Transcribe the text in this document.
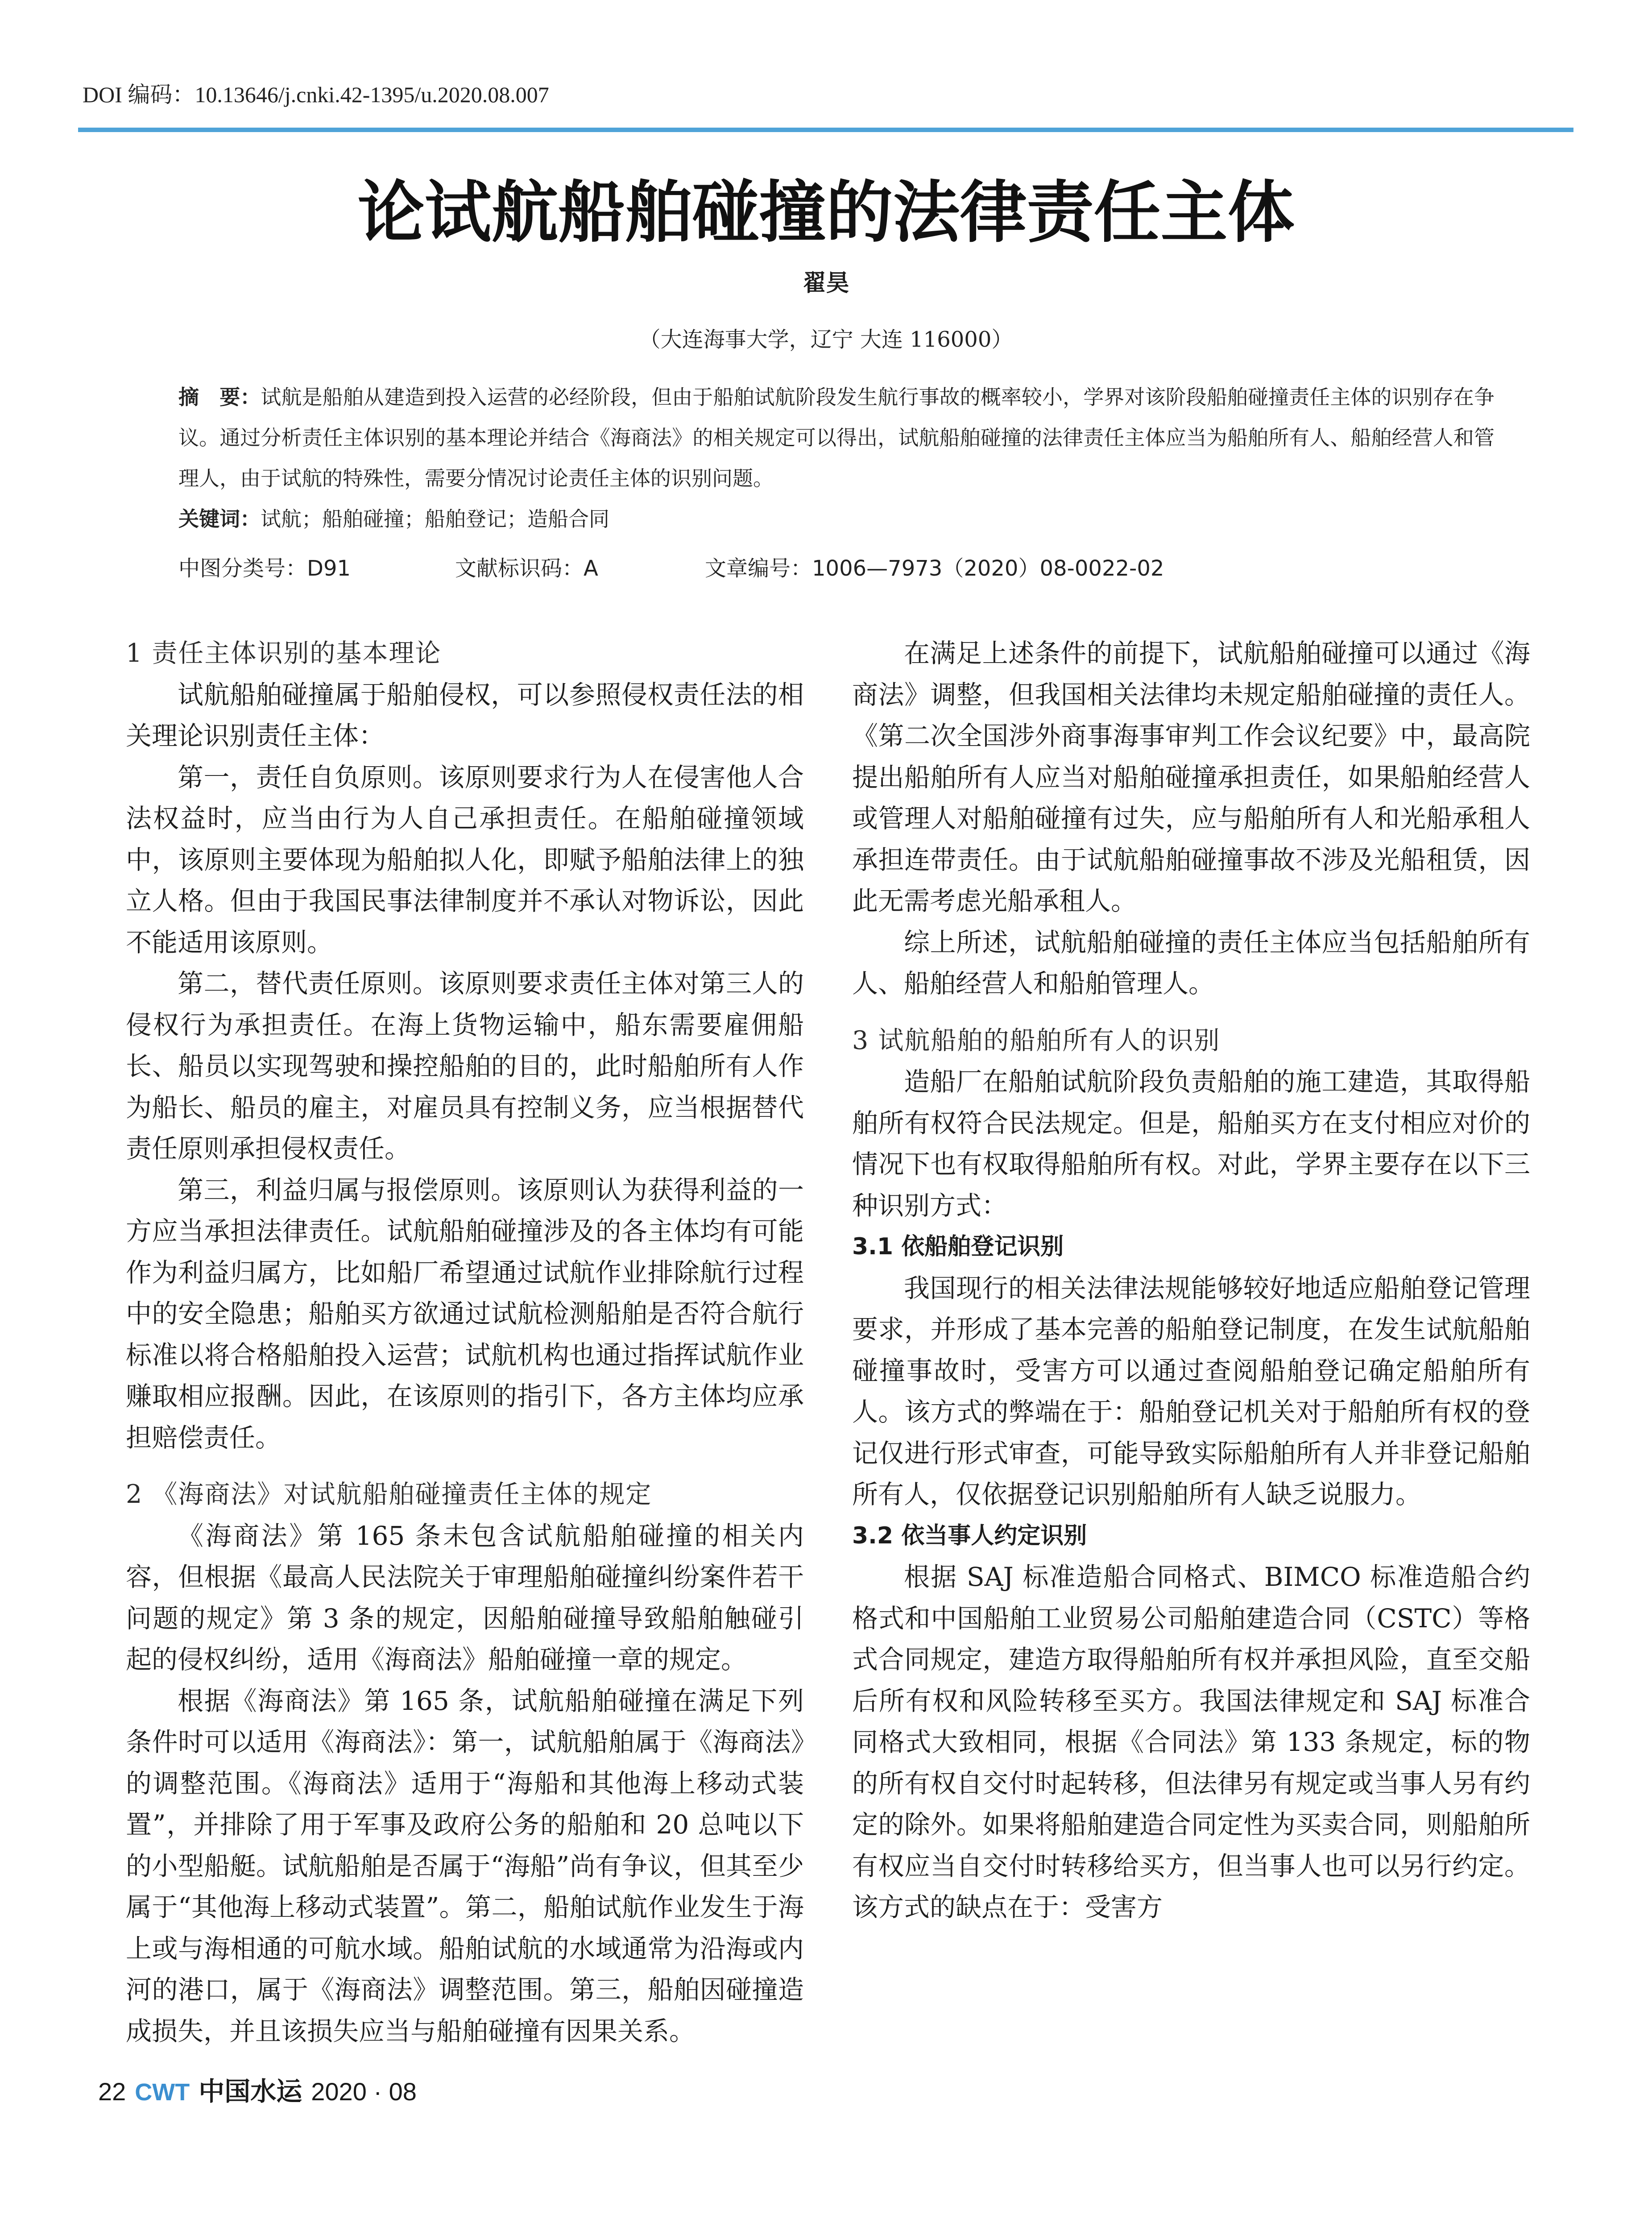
DOI 编码：10.13646/j.cnki.42-1395/u.2020.08.007
论试航船舶碰撞的法律责任主体
翟昊
（大连海事大学，辽宁 大连 116000）

摘　要：试航是船舶从建造到投入运营的必经阶段，但由于船舶试航阶段发生航行事故的概率较小，学界对该阶段船舶碰撞责任主体的识别存在争议。通过分析责任主体识别的基本理论并结合《海商法》的相关规定可以得出，试航船舶碰撞的法律责任主体应当为船舶所有人、船舶经营人和管理人，由于试航的特殊性，需要分情况讨论责任主体的识别问题。

关键词：试航；船舶碰撞；船舶登记；造船合同

中图分类号：D91	文献标识码：A	文章编号：1006—7973（2020）08-0022-02
1 责任主体识别的基本理论

试航船舶碰撞属于船舶侵权，可以参照侵权责任法的相关理论识别责任主体：

第一，责任自负原则。该原则要求行为人在侵害他人合法权益时，应当由行为人自己承担责任。在船舶碰撞领域中，该原则主要体现为船舶拟人化，即赋予船舶法律上的独立人格。但由于我国民事法律制度并不承认对物诉讼，因此不能适用该原则。

第二，替代责任原则。该原则要求责任主体对第三人的侵权行为承担责任。在海上货物运输中，船东需要雇佣船长、船员以实现驾驶和操控船舶的目的，此时船舶所有人作为船长、船员的雇主，对雇员具有控制义务，应当根据替代责任原则承担侵权责任。

第三，利益归属与报偿原则。该原则认为获得利益的一方应当承担法律责任。试航船舶碰撞涉及的各主体均有可能作为利益归属方，比如船厂希望通过试航作业排除航行过程中的安全隐患；船舶买方欲通过试航检测船舶是否符合航行标准以将合格船舶投入运营；试航机构也通过指挥试航作业赚取相应报酬。因此，在该原则的指引下，各方主体均应承担赔偿责任。

2 《海商法》对试航船舶碰撞责任主体的规定

《海商法》第 165 条未包含试航船舶碰撞的相关内容，但根据《最高人民法院关于审理船舶碰撞纠纷案件若干问题的规定》第 3 条的规定，因船舶碰撞导致船舶触碰引起的侵权纠纷，适用《海商法》船舶碰撞一章的规定。

根据《海商法》第 165 条，试航船舶碰撞在满足下列条件时可以适用《海商法》：第一，试航船舶属于《海商法》的调整范围。《海商法》适用于“海船和其他海上移动式装置”，并排除了用于军事及政府公务的船舶和 20 总吨以下的小型船艇。试航船舶是否属于“海船”尚有争议，但其至少属于“其他海上移动式装置”。第二，船舶试航作业发生于海上或与海相通的可航水域。船舶试航的水域通常为沿海或内河的港口，属于《海商法》调整范围。第三，船舶因碰撞造成损失，并且该损失应当与船舶碰撞有因果关系。

在满足上述条件的前提下，试航船舶碰撞可以通过《海商法》调整，但我国相关法律均未规定船舶碰撞的责任人。《第二次全国涉外商事海事审判工作会议纪要》中，最高院提出船舶所有人应当对船舶碰撞承担责任，如果船舶经营人或管理人对船舶碰撞有过失，应与船舶所有人和光船承租人承担连带责任。由于试航船舶碰撞事故不涉及光船租赁，因此无需考虑光船承租人。

综上所述，试航船舶碰撞的责任主体应当包括船舶所有人、船舶经营人和船舶管理人。

3 试航船舶的船舶所有人的识别

造船厂在船舶试航阶段负责船舶的施工建造，其取得船舶所有权符合民法规定。但是，船舶买方在支付相应对价的情况下也有权取得船舶所有权。对此，学界主要存在以下三种识别方式：

3.1 依船舶登记识别

我国现行的相关法律法规能够较好地适应船舶登记管理要求，并形成了基本完善的船舶登记制度，在发生试航船舶碰撞事故时，受害方可以通过查阅船舶登记确定船舶所有人。该方式的弊端在于：船舶登记机关对于船舶所有权的登记仅进行形式审查，可能导致实际船舶所有人并非登记船舶所有人，仅依据登记识别船舶所有人缺乏说服力。

3.2 依当事人约定识别

根据 SAJ 标准造船合同格式、BIMCO 标准造船合约格式和中国船舶工业贸易公司船舶建造合同（CSTC）等格式合同规定，建造方取得船舶所有权并承担风险，直至交船后所有权和风险转移至买方。我国法律规定和 SAJ 标准合同格式大致相同，根据《合同法》第 133 条规定，标的物的所有权自交付时起转移，但法律另有规定或当事人另有约定的除外。如果将船舶建造合同定性为买卖合同，则船舶所有权应当自交付时转移给买方，但当事人也可以另行约定。该方式的缺点在于：受害方

22 CWT 中国水运 2020 · 08
